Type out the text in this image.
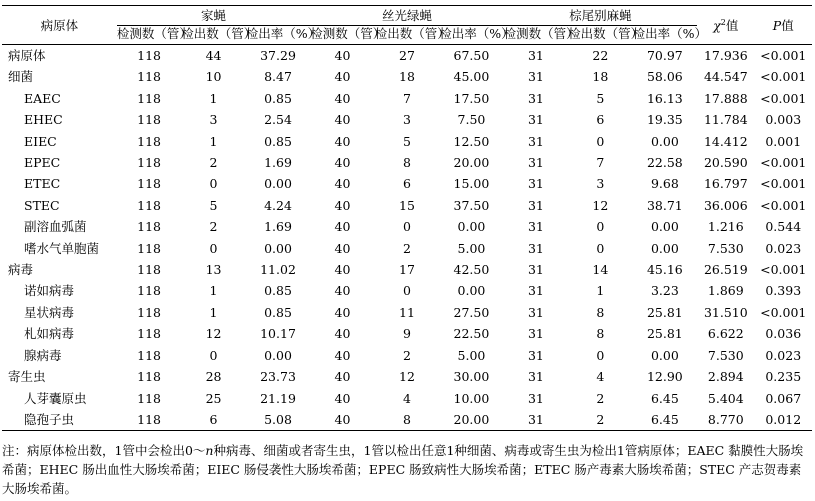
病原体	家蝇			丝光绿蝇			棕尾别麻蝇			$\chi^2$值	P值
	检测数（管）	检出数（管）	检出率（%）	检测数（管）	检出数（管）	检出率（%）	检测数（管）	检出数（管）	检出率（%）		
病原体	118	44	37.29	40	27	67.50	31	22	70.97	17.936	<0.001
细菌	118	10	8.47	40	18	45.00	31	18	58.06	44.547	<0.001
EAEC	118	1	0.85	40	7	17.50	31	5	16.13	17.888	<0.001
EHEC	118	3	2.54	40	3	7.50	31	6	19.35	11.784	0.003
EIEC	118	1	0.85	40	5	12.50	31	0	0.00	14.412	0.001
EPEC	118	2	1.69	40	8	20.00	31	7	22.58	20.590	<0.001
ETEC	118	0	0.00	40	6	15.00	31	3	9.68	16.797	<0.001
STEC	118	5	4.24	40	15	37.50	31	12	38.71	36.006	<0.001
副溶血弧菌	118	2	1.69	40	0	0.00	31	0	0.00	1.216	0.544
嗜水气单胞菌	118	0	0.00	40	2	5.00	31	0	0.00	7.530	0.023
病毒	118	13	11.02	40	17	42.50	31	14	45.16	26.519	<0.001
诺如病毒	118	1	0.85	40	0	0.00	31	1	3.23	1.869	0.393
星状病毒	118	1	0.85	40	11	27.50	31	8	25.81	31.510	<0.001
札如病毒	118	12	10.17	40	9	22.50	31	8	25.81	6.622	0.036
腺病毒	118	0	0.00	40	2	5.00	31	0	0.00	7.530	0.023
寄生虫	118	28	23.73	40	12	30.00	31	4	12.90	2.894	0.235
人芽囊原虫	118	25	21.19	40	4	10.00	31	2	6.45	5.404	0.067
隐孢子虫	118	6	5.08	40	8	20.00	31	2	6.45	8.770	0.012
注：病原体检出数，1管中会检出0～n种病毒、细菌或者寄生虫，1管以检出任意1种细菌、病毒或寄生虫为检出1管病原体；EAEC 黏膜性大肠埃希菌；EHEC 肠出血性大肠埃希菌；EIEC 肠侵袭性大肠埃希菌；EPEC 肠致病性大肠埃希菌；ETEC 肠产毒素大肠埃希菌；STEC 产志贺毒素大肠埃希菌。
